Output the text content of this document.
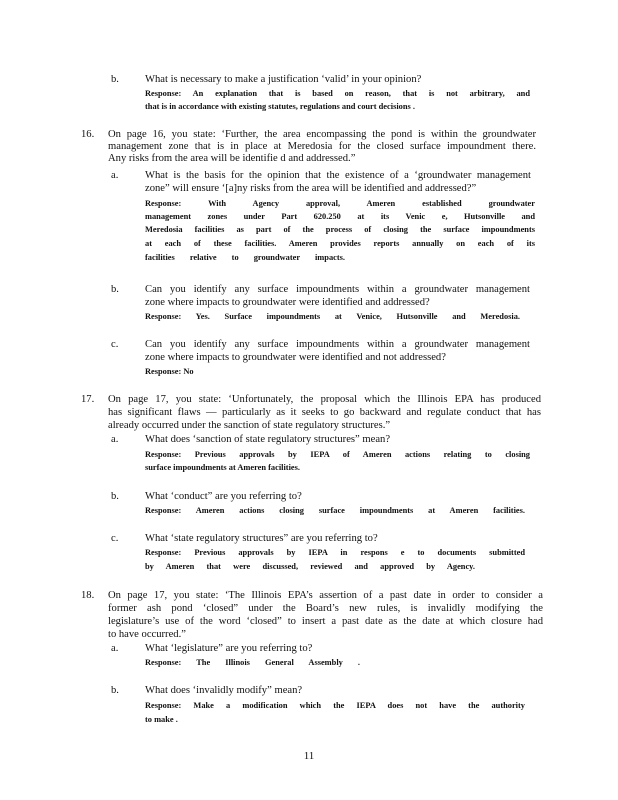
b. What is necessary to make a justification ‘valid’ in your opinion?
Response: An explanation that is based on reason, that is not arbitrary, and
that is in accordance with existing statutes, regulations and court decisions .
16. On page 16, you state: ‘Further, the area encompassing the pond is within the groundwater
management zone that is in place at Meredosia for the closed surface impoundment there.
Any risks from the area will be identifie d and addressed.”
a.	What is the basis for the opinion that the existence of a ‘groundwater management
zone” will ensure ‘[a]ny risks from the area will be identified and addressed?”
Response: With Agency approval, Ameren established groundwater
management zones under Part 620.250 at its Venic e, Hutsonville and
Meredosia facilities as part of the process of closing the surface impoundments
at each of these facilities. Ameren provides reports annually on each of its
facilities relative to groundwater impacts.
b. Can you identify any surface impoundments within a groundwater management
zone where impacts to groundwater were identified and addressed?
Response: Yes. Surface impoundments at Venice, Hutsonville and Meredosia.
c.	Can you identify any surface impoundments within a groundwater management
zone where impacts to groundwater were identified and not addressed?
Response: No
17. On page 17, you state: ‘Unfortunately, the proposal which the Illinois EPA has produced
has significant flaws — particularly as it seeks to go backward and regulate conduct that has
already occurred under the sanction of state regulatory structures.”
a.	What does ‘sanction of state regulatory structures” mean?
Response: Previous approvals by IEPA of Ameren actions relating to closing
surface impoundments at Ameren facilities.
b. What ‘conduct” are you referring to?
Response: Ameren actions closing surface impoundments at Ameren facilities.
c.	What ‘state regulatory structures” are you referring to?
Response: Previous approvals by IEPA in respons e to documents submitted
by Ameren that were discussed, reviewed and approved by Agency.
18. On page 17, you state: ‘The Illinois EPA’s assertion of a past date in order to consider a
former ash pond ‘closed” under the Board’s new rules, is invalidly modifying the
legislature’s use of the word ‘closed” to insert a past date as the date at which closure had
to have occurred.”
a.	What ‘legislature” are you referring to?
Response: The Illinois General Assembly .
b. What does ‘invalidly modify” mean?
Response: Make a modification which the IEPA does not have the authority
to make .
11
